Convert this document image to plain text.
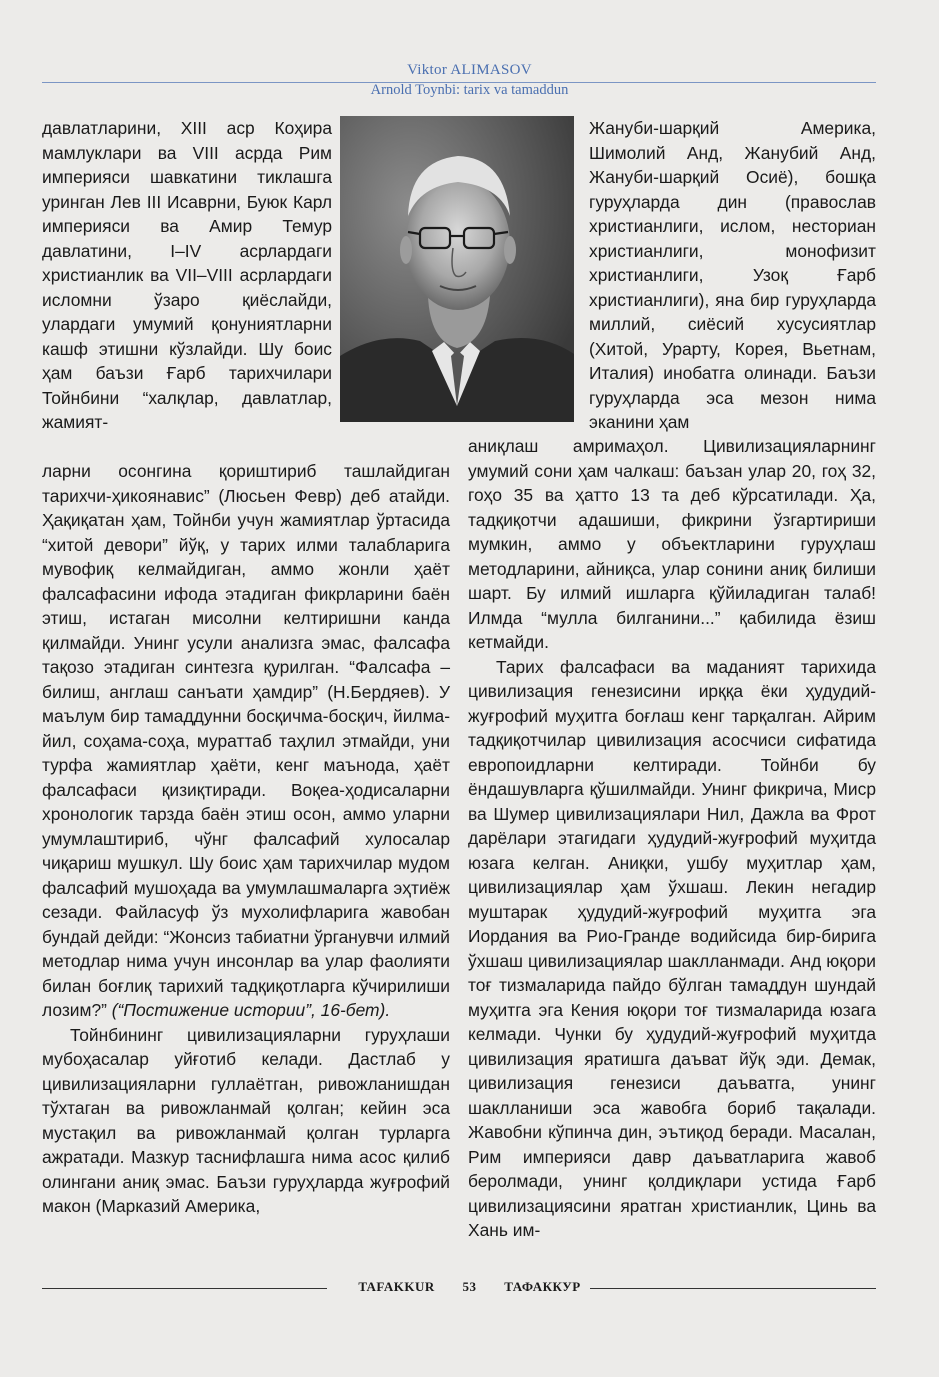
Viktor ALIMASOV
Arnold Toynbi: tarix va tamaddun

давлатларини, XIII аср Коҳира мамлуклари ва VIII асрда Рим империяси шавкатини тиклашга уринган Лев III Исаврни, Буюк Карл империяси ва Амир Темур давлатини, I–IV асрлардаги христианлик ва VII–VIII асрлардаги исломни ўзаро қиёслайди, улардаги умумий қонуниятларни кашф этишни кўзлайди. Шу боис ҳам баъзи Ғарб тарихчилари Тойнбини “халқлар, давлатлар, жамият-

ларни осонгина қориштириб ташлайдиган тарихчи-ҳикоянавис” (Люсьен Февр) деб атайди. Ҳақиқатан ҳам, Тойнби учун жамиятлар ўртасида “хитой девори” йўқ, у тарих илми талабларига мувофиқ келмайдиган, аммо жонли ҳаёт фалсафасини ифода этадиган фикрларини баён этиш, истаган мисолни келтиришни канда қилмайди. Унинг усули анализга эмас, фалсафа тақозо этадиган синтезга қурилган. “Фалсафа – билиш, англаш санъати ҳамдир” (Н.Бердяев). У маълум бир тамаддунни босқичма-босқич, йилма-йил, соҳама-соҳа, мураттаб таҳлил этмайди, уни турфа жамиятлар ҳаёти, кенг маънода, ҳаёт фалсафаси қизиқтиради. Воқеа-ҳодисаларни хронологик тарзда баён этиш осон, аммо уларни умумлаштириб, чўнг фалсафий хулосалар чиқариш мушкул. Шу боис ҳам тарихчилар мудом фалсафий мушоҳада ва умумлашмаларга эҳтиёж сезади. Файласуф ўз мухолифларига жавобан бундай дейди: “Жонсиз табиатни ўрганувчи илмий методлар нима учун инсонлар ва улар фаолияти билан боғлиқ тарихий тадқиқотларга кўчирилиши лозим?” (“Постижение истории”, 16-бет).

Тойнбининг цивилизацияларни гуруҳлаши мубоҳасалар уйғотиб келади. Дастлаб у цивилизацияларни гуллаётган, ривожланишдан тўхтаган ва ривожланмай қолган; кейин эса мустақил ва ривожланмай қолган турларга ажратади. Мазкур таснифлашга нима асос қилиб олингани аниқ эмас. Баъзи гуруҳларда жуғрофий макон (Марказий Америка,

Жануби-шарқий Америка, Шимолий Анд, Жанубий Анд, Жануби-шарқий Осиё), бошқа гуруҳларда дин (православ христианлиги, ислом, несториан христианлиги, монофизит христианлиги, Узоқ Ғарб христианлиги), яна бир гуруҳларда миллий, сиёсий хусусиятлар (Хитой, Урарту, Корея, Вьетнам, Италия) инобатга олинади. Баъзи гуруҳларда эса мезон нима эканини ҳам

аниқлаш амримаҳол. Цивилизацияларнинг умумий сони ҳам чалкаш: баъзан улар 20, гоҳ 32, гоҳо 35 ва ҳатто 13 та деб кўрсатилади. Ҳа, тадқиқотчи адашиши, фикрини ўзгартириши мумкин, аммо у объектларини гуруҳлаш методларини, айниқса, улар сонини аниқ билиши шарт. Бу илмий ишларга қўйиладиган талаб! Илмда “мулла билганини...” қабилида ёзиш кетмайди.

Тарих фалсафаси ва маданият тарихида цивилизация генезисини ирққа ёки ҳудудий-жуғрофий муҳитга боғлаш кенг тарқалган. Айрим тадқиқотчилар цивилизация асосчиси сифатида европоидларни келтиради. Тойнби бу ёндашувларга қўшилмайди. Унинг фикрича, Миср ва Шумер цивилизациялари Нил, Дажла ва Фрот дарёлари этагидаги ҳудудий-жуғрофий муҳитда юзага келган. Аниқки, ушбу муҳитлар ҳам, цивилизациялар ҳам ўхшаш. Лекин негадир муштарак ҳудудий-жуғрофий муҳитга эга Иордания ва Рио-Гранде водийсида бир-бирига ўхшаш цивилизациялар шаклланмади. Анд юқори тоғ тизмаларида пайдо бўлган тамаддун шундай муҳитга эга Кения юқори тоғ тизмаларида юзага келмади. Чунки бу ҳудудий-жуғрофий муҳитда цивилизация яратишга даъват йўқ эди. Демак, цивилизация генезиси даъватга, унинг шаклланиши эса жавобга бориб тақалади. Жавобни кўпинча дин, эътиқод беради. Масалан, Рим империяси давр даъватларига жавоб беролмади, унинг қолдиқлари устида Ғарб цивилизациясини яратган христианлик, Цинь ва Хань им-

TAFAKKUR 53 ТАФАККУР
